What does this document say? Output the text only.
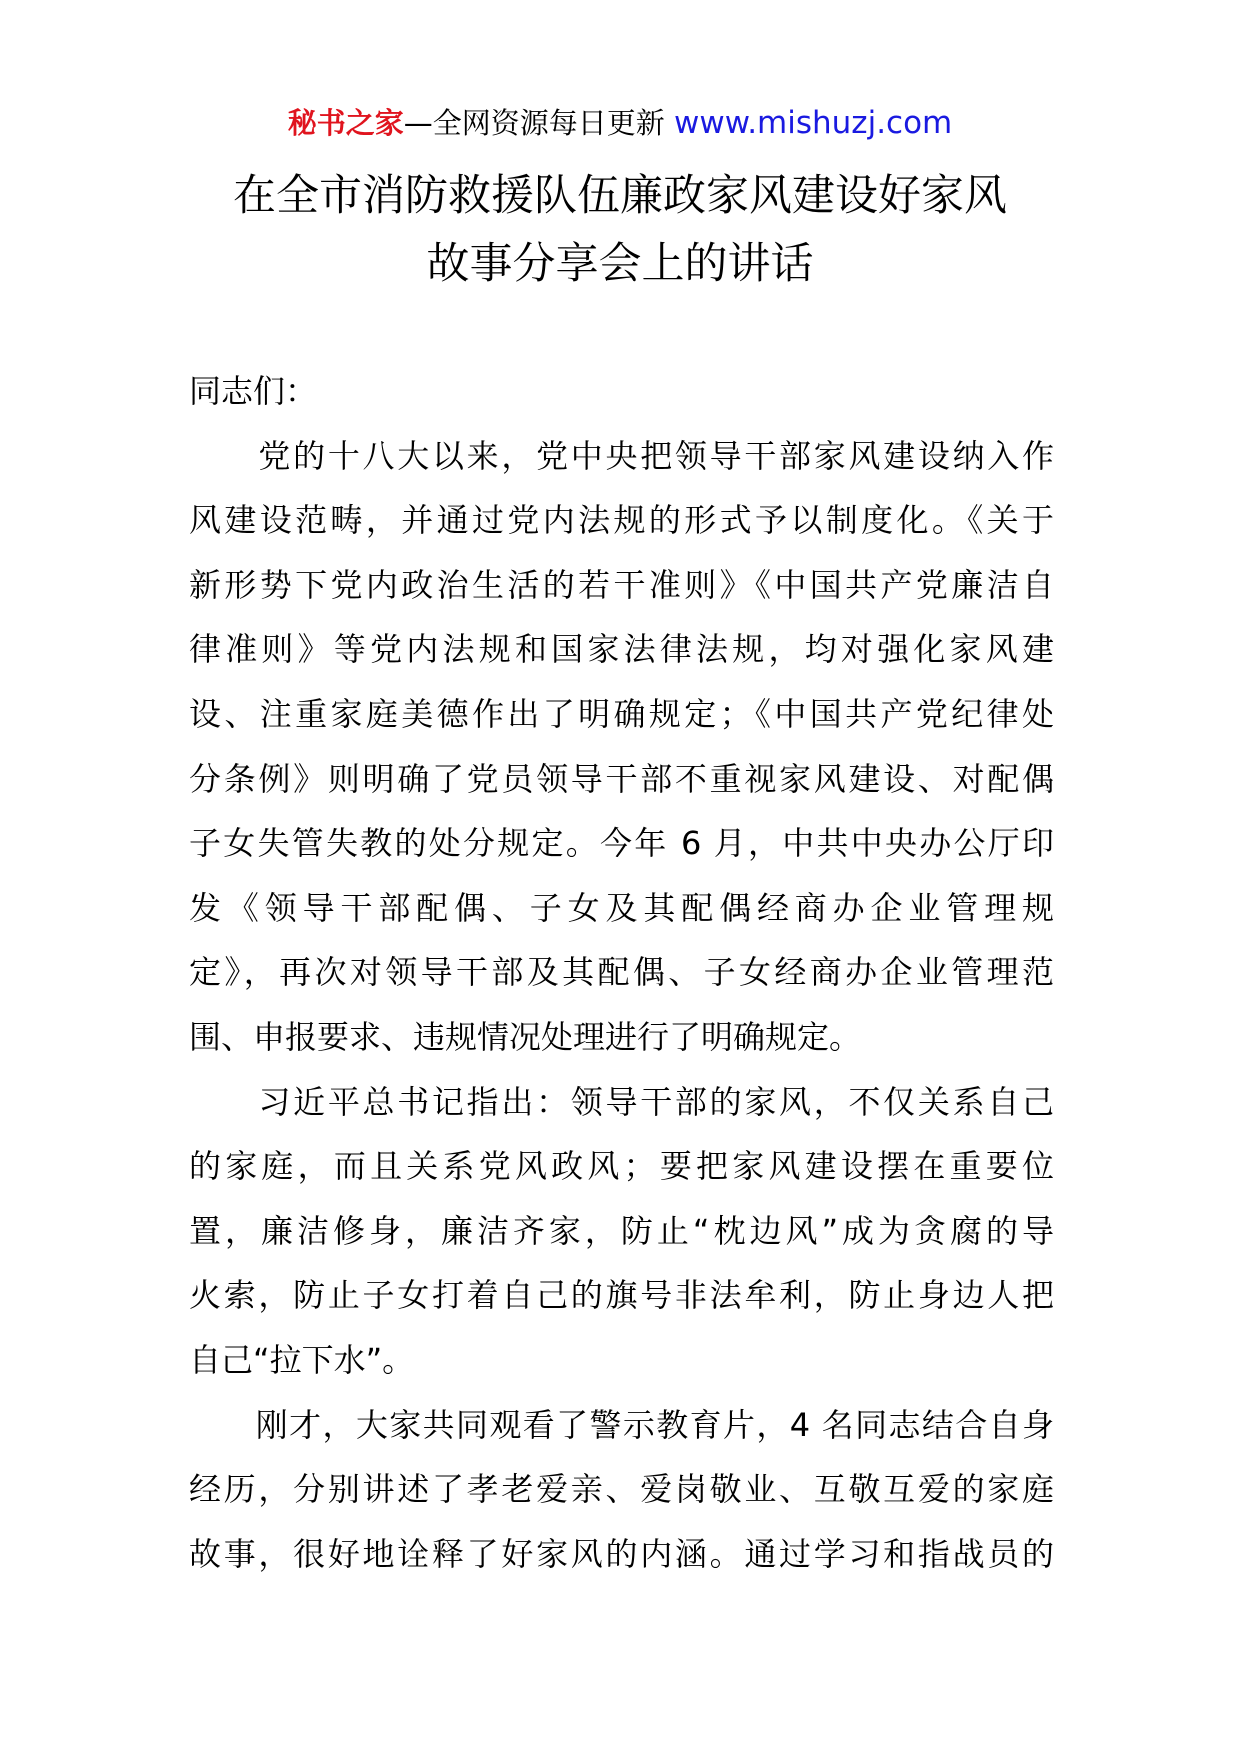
秘书之家—全网资源每日更新 www.mishuzj.com
在全市消防救援队伍廉政家风建设好家风
故事分享会上的讲话
同志们：
　　党的十八大以来，党中央把领导干部家风建设纳入作
风建设范畴，并通过党内法规的形式予以制度化。《关于
新形势下党内政治生活的若干准则》《中国共产党廉洁自
律准则》等党内法规和国家法律法规，均对强化家风建
设、注重家庭美德作出了明确规定；《中国共产党纪律处
分条例》则明确了党员领导干部不重视家风建设、对配偶
子女失管失教的处分规定。今年 6 月，中共中央办公厅印
发《领导干部配偶、子女及其配偶经商办企业管理规
定》，再次对领导干部及其配偶、子女经商办企业管理范
围、申报要求、违规情况处理进行了明确规定。
　　习近平总书记指出：领导干部的家风，不仅关系自己
的家庭，而且关系党风政风；要把家风建设摆在重要位
置，廉洁修身，廉洁齐家，防止“枕边风”成为贪腐的导
火索，防止子女打着自己的旗号非法牟利，防止身边人把
自己“拉下水”。
　　刚才，大家共同观看了警示教育片，4 名同志结合自身
经历，分别讲述了孝老爱亲、爱岗敬业、互敬互爱的家庭
故事，很好地诠释了好家风的内涵。通过学习和指战员的
